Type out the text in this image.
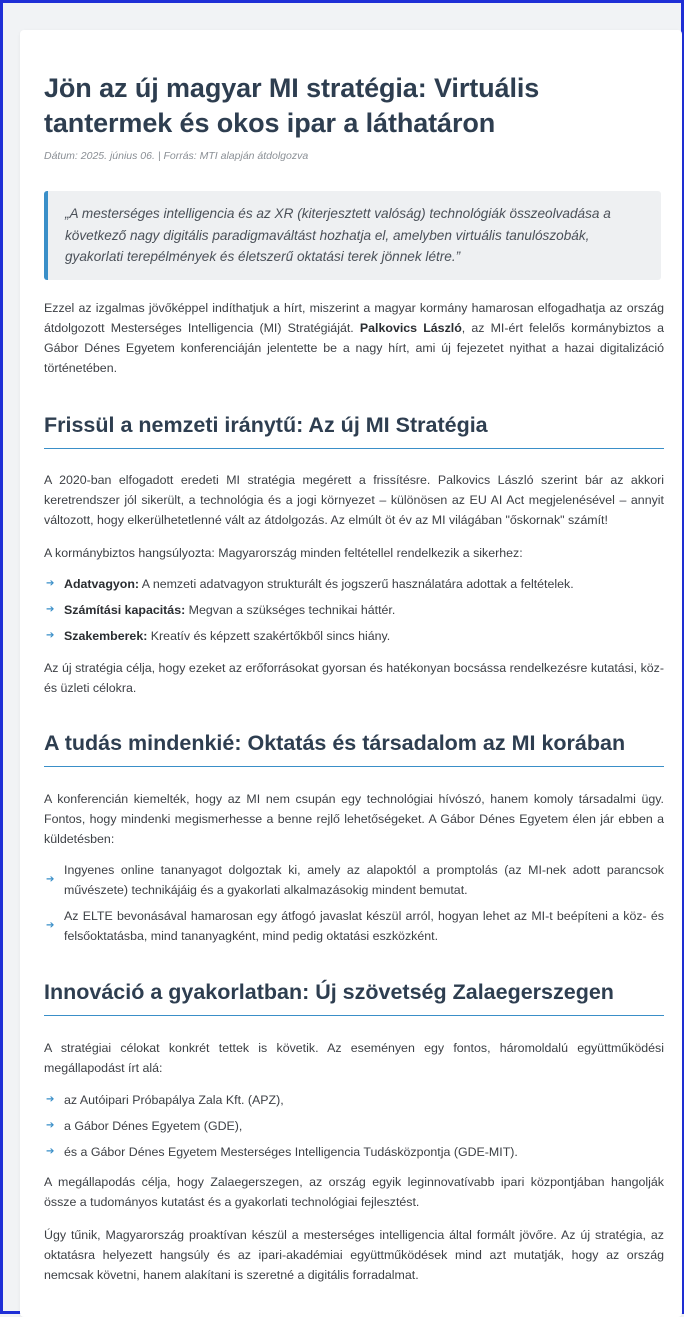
Jön az új magyar MI stratégia: Virtuális tantermek és okos ipar a láthatáron
Dátum: 2025. június 06. | Forrás: MTI alapján átdolgozva
„A mesterséges intelligencia és az XR (kiterjesztett valóság) technológiák összeolvadása a következő nagy digitális paradigmaváltást hozhatja el, amelyben virtuális tanulószobák, gyakorlati terepélmények és életszerű oktatási terek jönnek létre.”

Ezzel az izgalmas jövőképpel indíthatjuk a hírt, miszerint a magyar kormány hamarosan elfogadhatja az ország átdolgozott Mesterséges Intelligencia (MI) Stratégiáját. Palkovics László, az MI-ért felelős kormánybiztos a Gábor Dénes Egyetem konferenciáján jelentette be a nagy hírt, ami új fejezetet nyithat a hazai digitalizáció történetében.

Frissül a nemzeti iránytű: Az új MI Stratégia

A 2020-ban elfogadott eredeti MI stratégia megérett a frissítésre. Palkovics László szerint bár az akkori keretrendszer jól sikerült, a technológia és a jogi környezet – különösen az EU AI Act megjelenésével – annyit változott, hogy elkerülhetetlenné vált az átdolgozás. Az elmúlt öt év az MI világában "őskornak" számít!

A kormánybiztos hangsúlyozta: Magyarország minden feltétellel rendelkezik a sikerhez:

➔ Adatvagyon: A nemzeti adatvagyon strukturált és jogszerű használatára adottak a feltételek.
➔ Számítási kapacitás: Megvan a szükséges technikai háttér.
➔ Szakemberek: Kreatív és képzett szakértőkből sincs hiány.

Az új stratégia célja, hogy ezeket az erőforrásokat gyorsan és hatékonyan bocsássa rendelkezésre kutatási, köz- és üzleti célokra.

A tudás mindenkié: Oktatás és társadalom az MI korában

A konferencián kiemelték, hogy az MI nem csupán egy technológiai hívószó, hanem komoly társadalmi ügy. Fontos, hogy mindenki megismerhesse a benne rejlő lehetőségeket. A Gábor Dénes Egyetem élen jár ebben a küldetésben:

➔
Ingyenes online tananyagot dolgoztak ki, amely az alapoktól a promptolás (az MI-nek adott parancsok művészete) technikájáig és a gyakorlati alkalmazásokig mindent bemutat.
➔
Az ELTE bevonásával hamarosan egy átfogó javaslat készül arról, hogyan lehet az MI-t beépíteni a köz- és felsőoktatásba, mind tananyagként, mind pedig oktatási eszközként.
Innováció a gyakorlatban: Új szövetség Zalaegerszegen

A stratégiai célokat konkrét tettek is követik. Az eseményen egy fontos, háromoldalú együttműködési megállapodást írt alá:

➔ az Autóipari Próbapálya Zala Kft. (APZ),
➔ a Gábor Dénes Egyetem (GDE),
➔ és a Gábor Dénes Egyetem Mesterséges Intelligencia Tudásközpontja (GDE-MIT).

A megállapodás célja, hogy Zalaegerszegen, az ország egyik leginnovatívabb ipari központjában hangolják össze a tudományos kutatást és a gyakorlati technológiai fejlesztést.

Úgy tűnik, Magyarország proaktívan készül a mesterséges intelligencia által formált jövőre. Az új stratégia, az oktatásra helyezett hangsúly és az ipari-akadémiai együttműködések mind azt mutatják, hogy az ország nemcsak követni, hanem alakítani is szeretné a digitális forradalmat.
